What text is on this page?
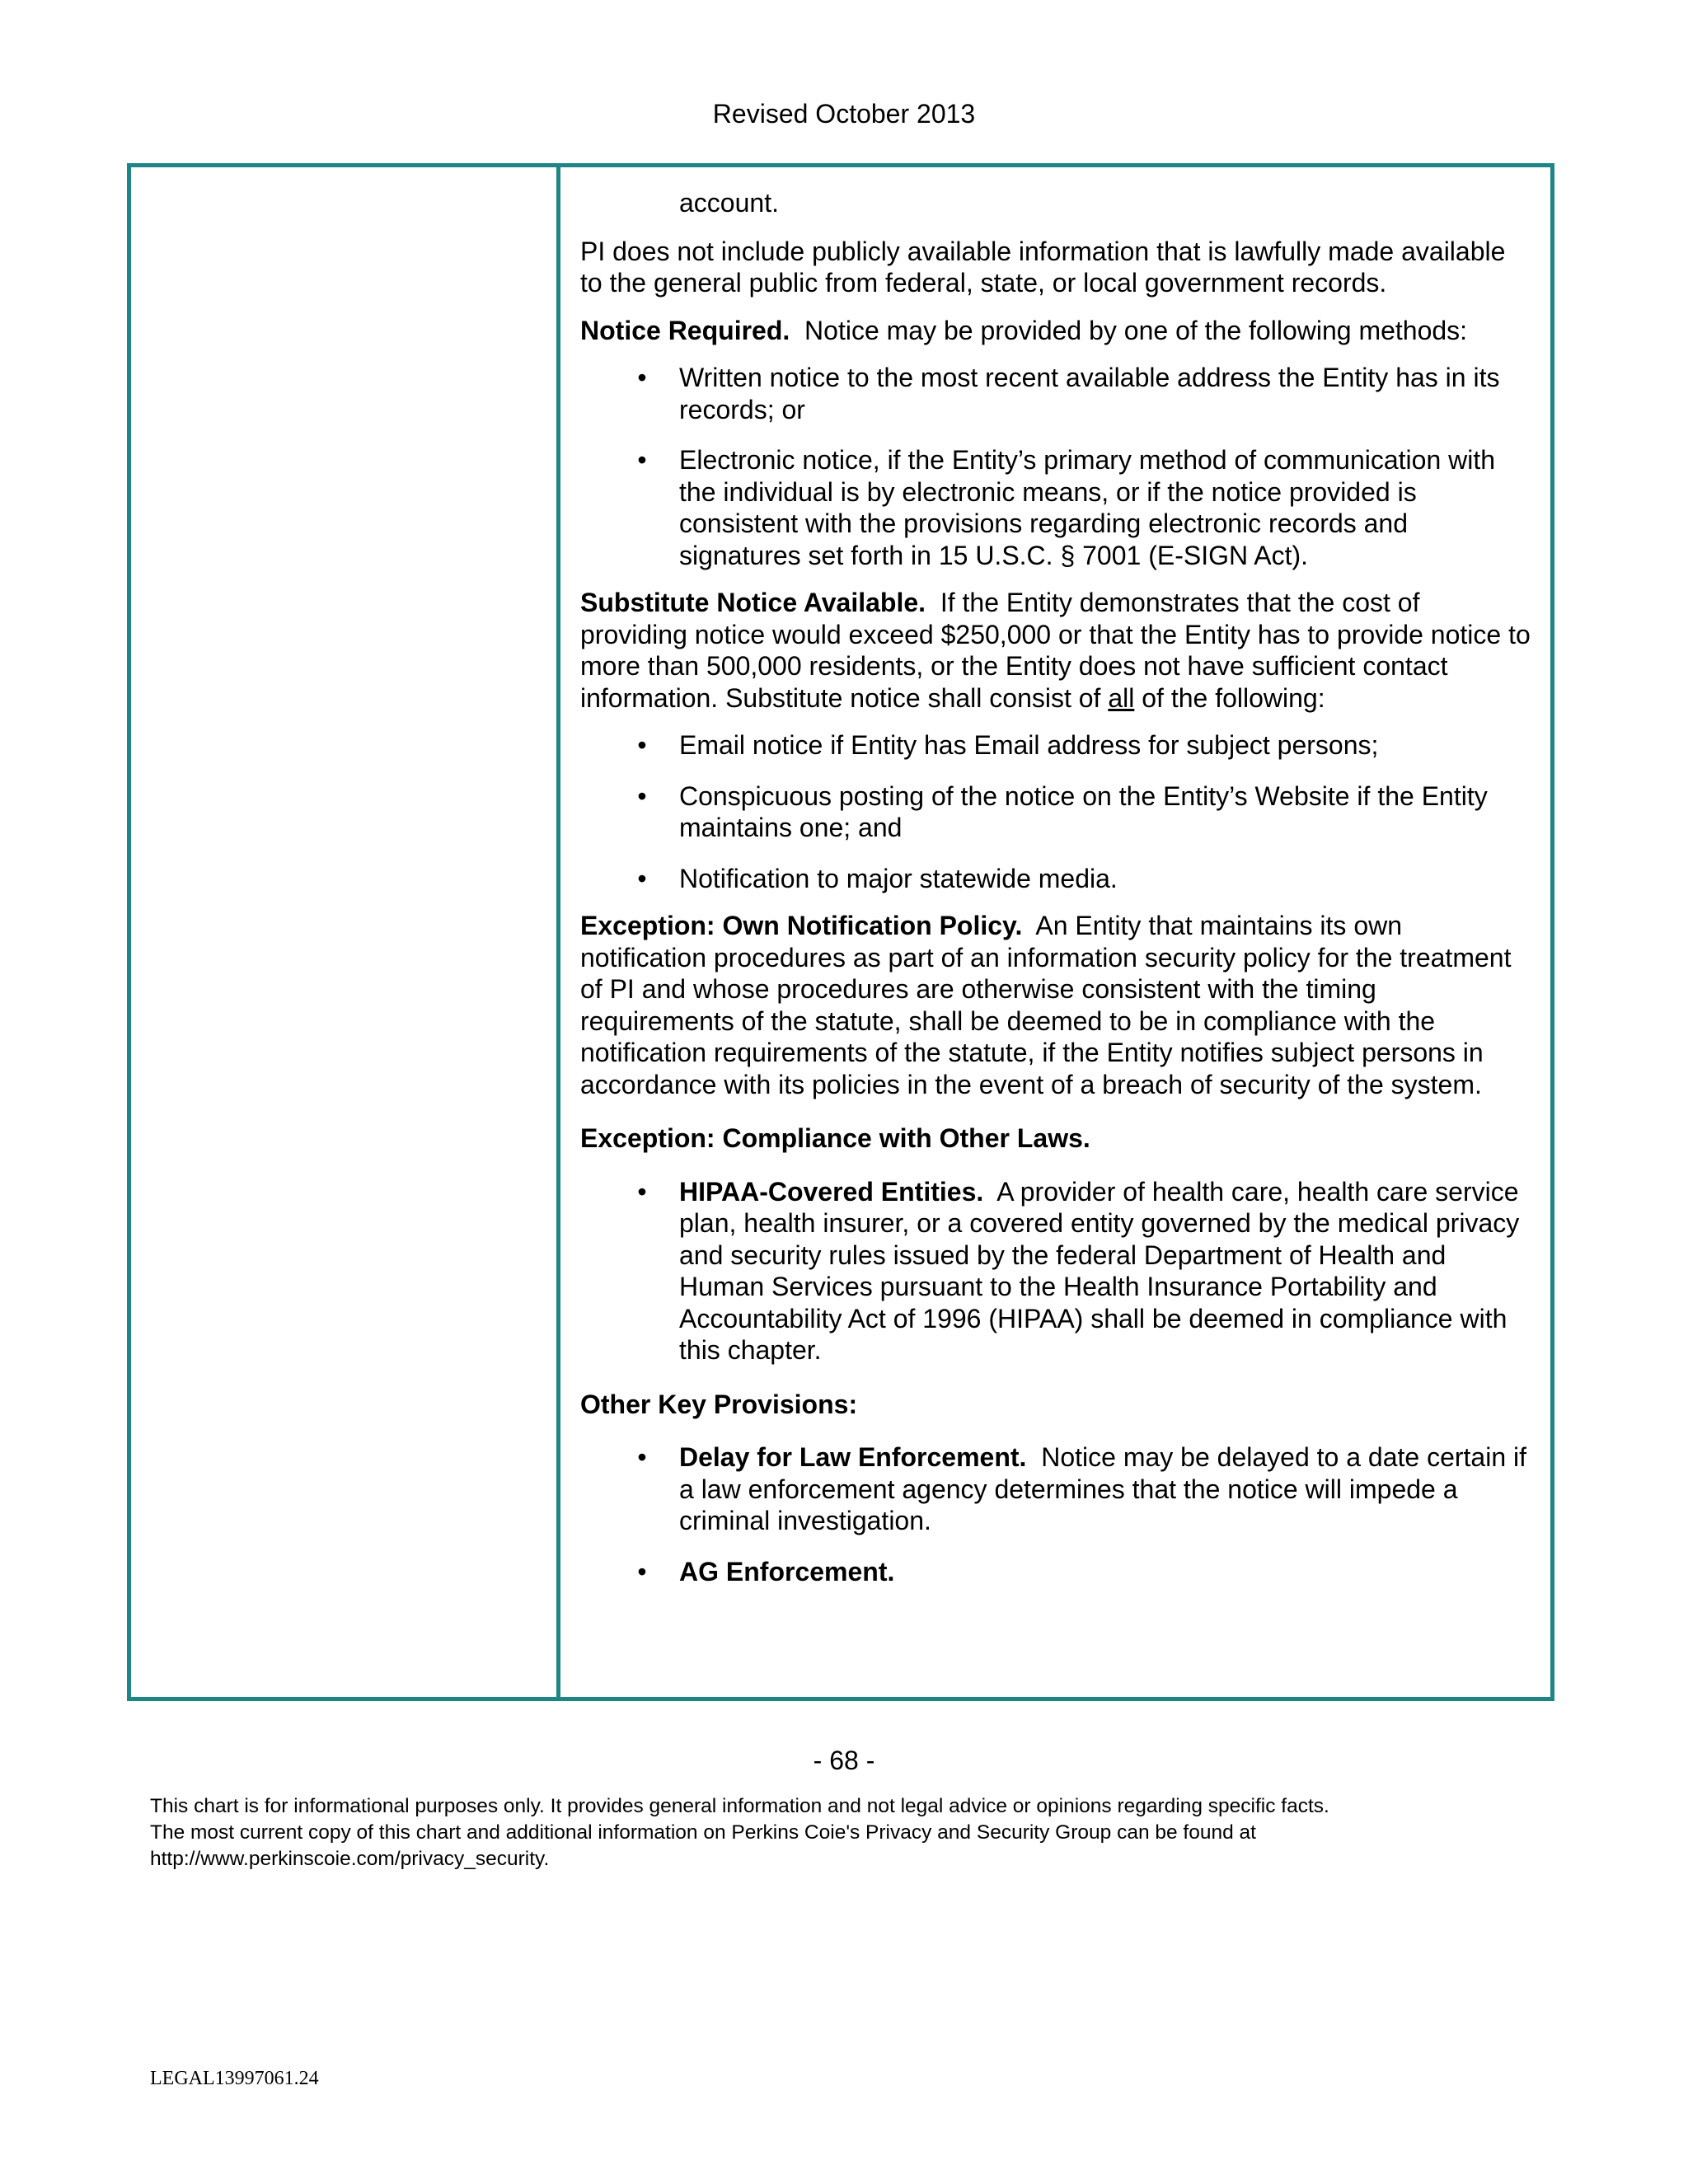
Revised October 2013
account.
PI does not include publicly available information that is lawfully made available to the general public from federal, state, or local government records.
Notice Required. Notice may be provided by one of the following methods:
• Written notice to the most recent available address the Entity has in its records; or
• Electronic notice, if the Entity’s primary method of communication with the individual is by electronic means, or if the notice provided is consistent with the provisions regarding electronic records and signatures set forth in 15 U.S.C. § 7001 (E-SIGN Act).
Substitute Notice Available. If the Entity demonstrates that the cost of providing notice would exceed $250,000 or that the Entity has to provide notice to more than 500,000 residents, or the Entity does not have sufficient contact information. Substitute notice shall consist of all of the following:
• Email notice if Entity has Email address for subject persons;
• Conspicuous posting of the notice on the Entity’s Website if the Entity maintains one; and
• Notification to major statewide media.
Exception: Own Notification Policy. An Entity that maintains its own notification procedures as part of an information security policy for the treatment of PI and whose procedures are otherwise consistent with the timing requirements of the statute, shall be deemed to be in compliance with the notification requirements of the statute, if the Entity notifies subject persons in accordance with its policies in the event of a breach of security of the system.
Exception: Compliance with Other Laws.
• HIPAA-Covered Entities. A provider of health care, health care service plan, health insurer, or a covered entity governed by the medical privacy and security rules issued by the federal Department of Health and Human Services pursuant to the Health Insurance Portability and Accountability Act of 1996 (HIPAA) shall be deemed in compliance with this chapter.
Other Key Provisions:
• Delay for Law Enforcement. Notice may be delayed to a date certain if a law enforcement agency determines that the notice will impede a criminal investigation.
• AG Enforcement.
- 68 -
This chart is for informational purposes only. It provides general information and not legal advice or opinions regarding specific facts.
The most current copy of this chart and additional information on Perkins Coie's Privacy and Security Group can be found at
http://www.perkinscoie.com/privacy_security.
LEGAL13997061.24
